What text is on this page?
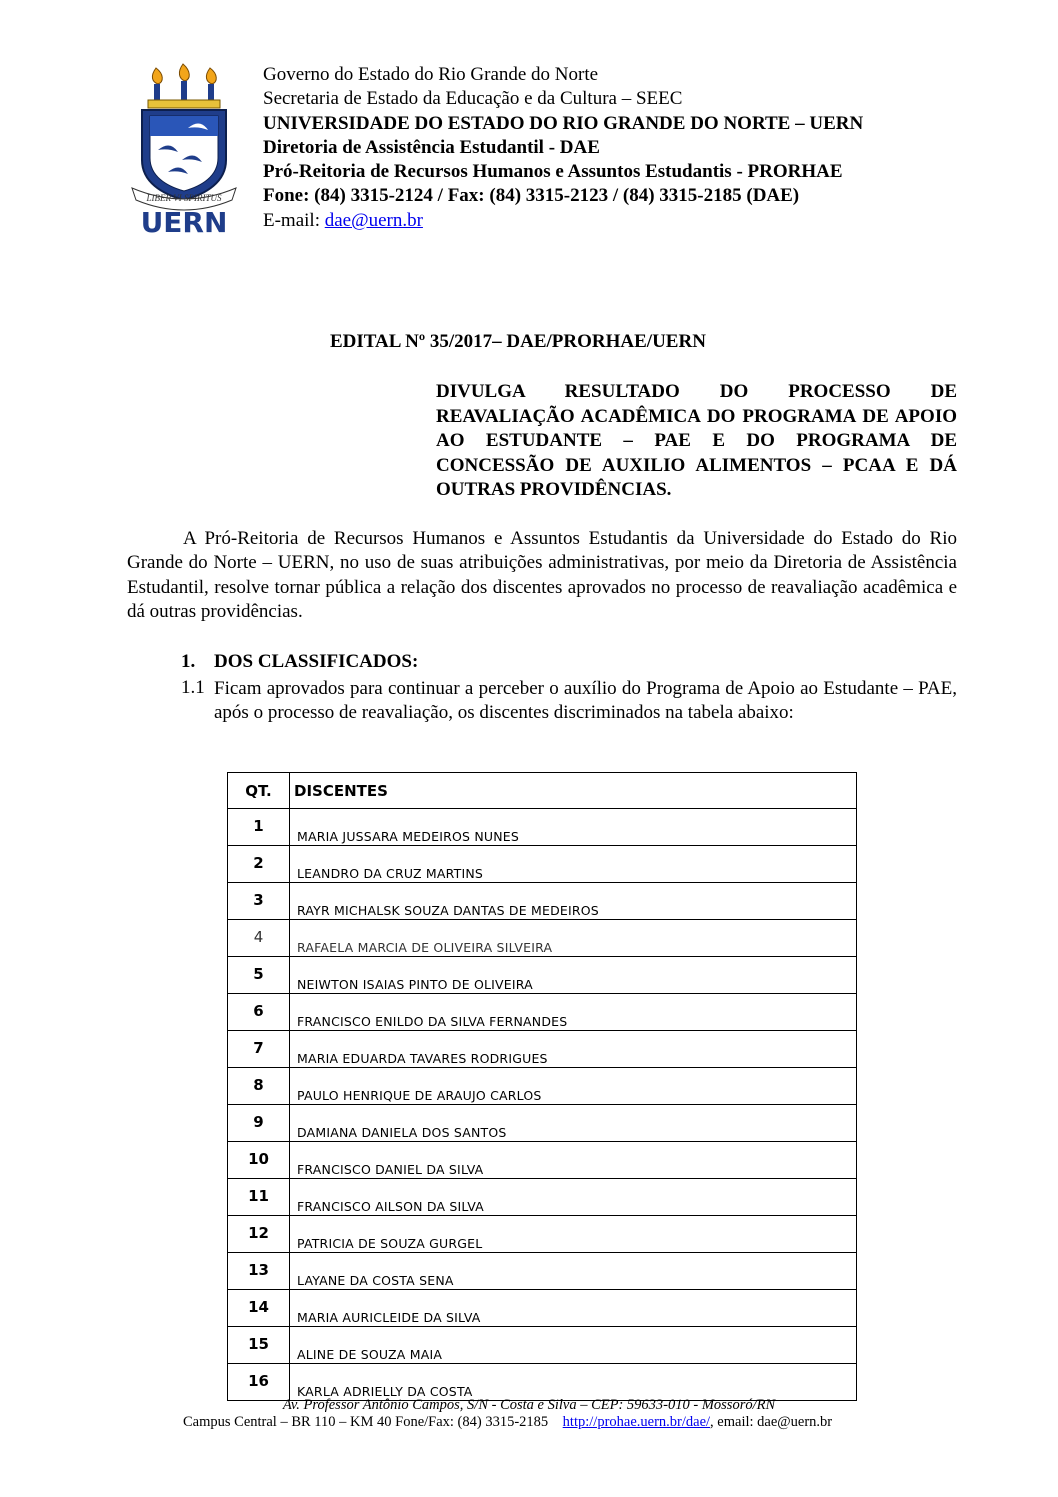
LIBER VI SPIRITUS
UERN
Governo do Estado do Rio Grande do Norte
Secretaria de Estado da Educação e da Cultura – SEEC
UNIVERSIDADE DO ESTADO DO RIO GRANDE DO NORTE – UERN
Diretoria de Assistência Estudantil - DAE
Pró-Reitoria de Recursos Humanos e Assuntos Estudantis - PRORHAE
Fone: (84) 3315-2124 / Fax: (84) 3315-2123 / (84) 3315-2185 (DAE)
E-mail: dae@uern.br
EDITAL Nº 35/2017– DAE/PRORHAE/UERN
DIVULGA RESULTADO DO PROCESSO DE REAVALIAÇÃO ACADÊMICA DO PROGRAMA DE APOIO AO ESTUDANTE – PAE E DO PROGRAMA DE CONCESSÃO DE AUXILIO ALIMENTOS – PCAA E DÁ OUTRAS PROVIDÊNCIAS.
A Pró-Reitoria de Recursos Humanos e Assuntos Estudantis da Universidade do Estado do Rio Grande do Norte – UERN, no uso de suas atribuições administrativas, por meio da Diretoria de Assistência Estudantil, resolve tornar pública a relação dos discentes aprovados no processo de reavaliação acadêmica e dá outras providências.
1. DOS CLASSIFICADOS:
1.1 Ficam aprovados para continuar a perceber o auxílio do Programa de Apoio ao Estudante – PAE, após o processo de reavaliação, os discentes discriminados na tabela abaixo:
QT.	DISCENTES
1	MARIA JUSSARA MEDEIROS NUNES
2	LEANDRO DA CRUZ MARTINS
3	RAYR MICHALSK SOUZA DANTAS DE MEDEIROS
4	RAFAELA MARCIA DE OLIVEIRA SILVEIRA
5	NEIWTON ISAIAS PINTO DE OLIVEIRA
6	FRANCISCO ENILDO DA SILVA FERNANDES
7	MARIA EDUARDA TAVARES RODRIGUES
8	PAULO HENRIQUE DE ARAUJO CARLOS
9	DAMIANA DANIELA DOS SANTOS
10	FRANCISCO DANIEL DA SILVA
11	FRANCISCO AILSON DA SILVA
12	PATRICIA DE SOUZA GURGEL
13	LAYANE DA COSTA SENA
14	MARIA AURICLEIDE DA SILVA
15	ALINE DE SOUZA MAIA
16	KARLA ADRIELLY DA COSTA
Av. Professor Antônio Campos, S/N - Costa e Silva – CEP: 59633-010 - Mossoró/RN
Campus Central – BR 110 – KM 40 Fone/Fax: (84) 3315-2185 http://prohae.uern.br/dae/, email: dae@uern.br
